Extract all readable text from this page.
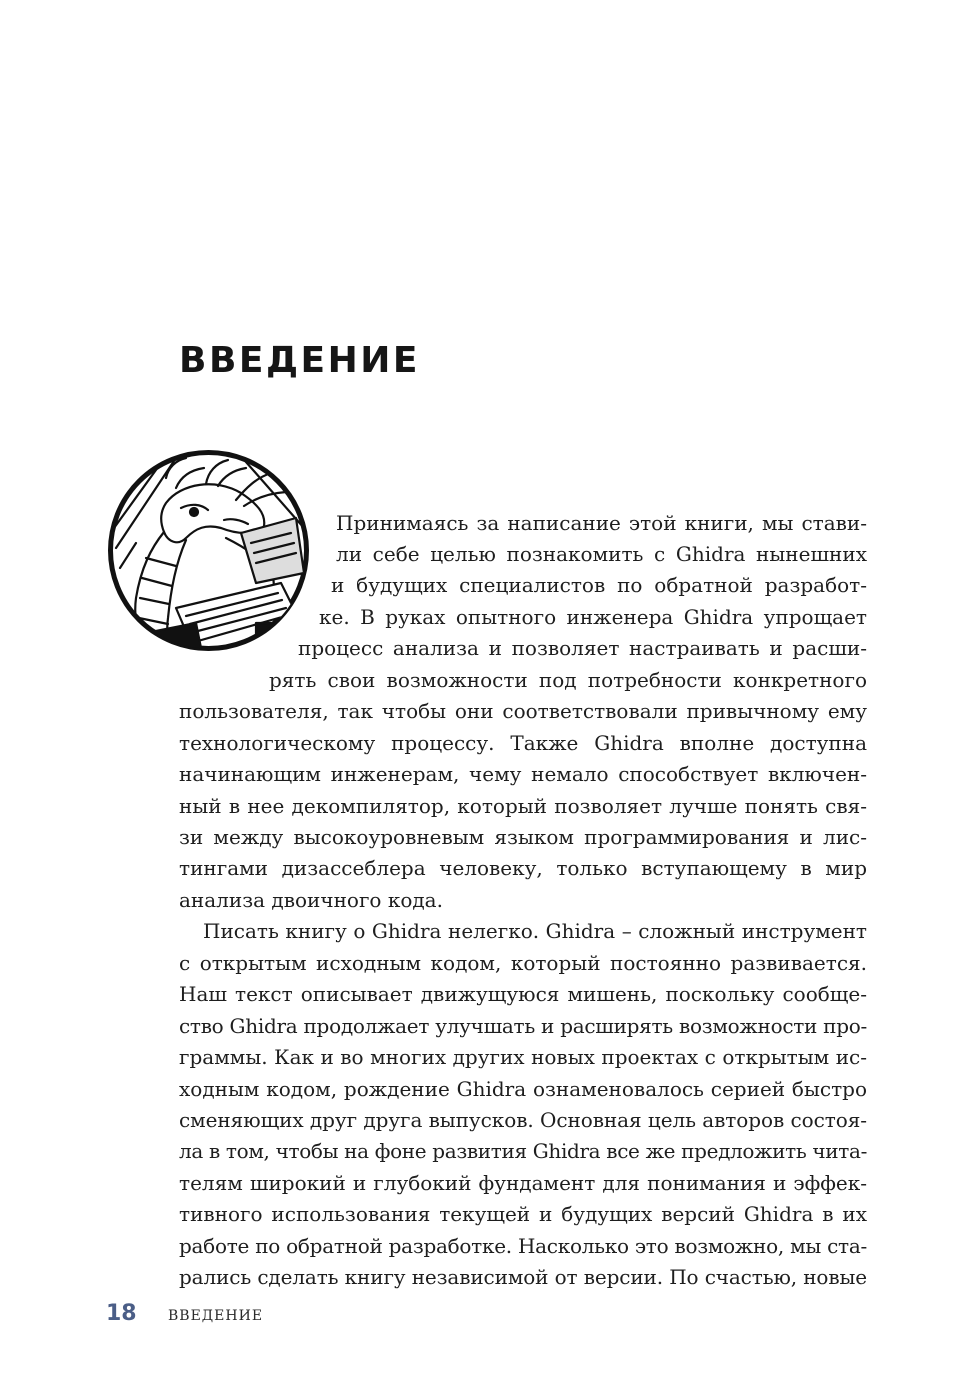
ВВЕДЕНИЕ
Принимаясь за написание этой книги, мы стави-
ли себе целью познакомить с Ghidra нынешних
и будущих специалистов по обратной разработ-
ке. В руках опытного инженера Ghidra упрощает
процесс анализа и позволяет настраивать и расши-
рять свои возможности под потребности конкретного
пользователя, так чтобы они соответствовали привычному ему
технологическому процессу. Также Ghidra вполне доступна
начинающим инженерам, чему немало способствует включен-
ный в нее декомпилятор, который позволяет лучше понять свя-
зи между высокоуровневым языком программирования и лис-
тингами дизассеблера человеку, только вступающему в мир
анализа двоичного кода.
Писать книгу о Ghidra нелегко. Ghidra – сложный инструмент
с открытым исходным кодом, который постоянно развивается.
Наш текст описывает движущуюся мишень, поскольку сообще-
ство Ghidra продолжает улучшать и расширять возможности про-
граммы. Как и во многих других новых проектах с открытым ис-
ходным кодом, рождение Ghidra ознаменовалось серией быстро
сменяющих друг друга выпусков. Основная цель авторов состоя-
ла в том, чтобы на фоне развития Ghidra все же предложить чита-
телям широкий и глубокий фундамент для понимания и эффек-
тивного использования текущей и будущих версий Ghidra в их
работе по обратной разработке. Насколько это возможно, мы ста-
рались сделать книгу независимой от версии. По счастью, новые
18 ВВЕДЕНИЕ
